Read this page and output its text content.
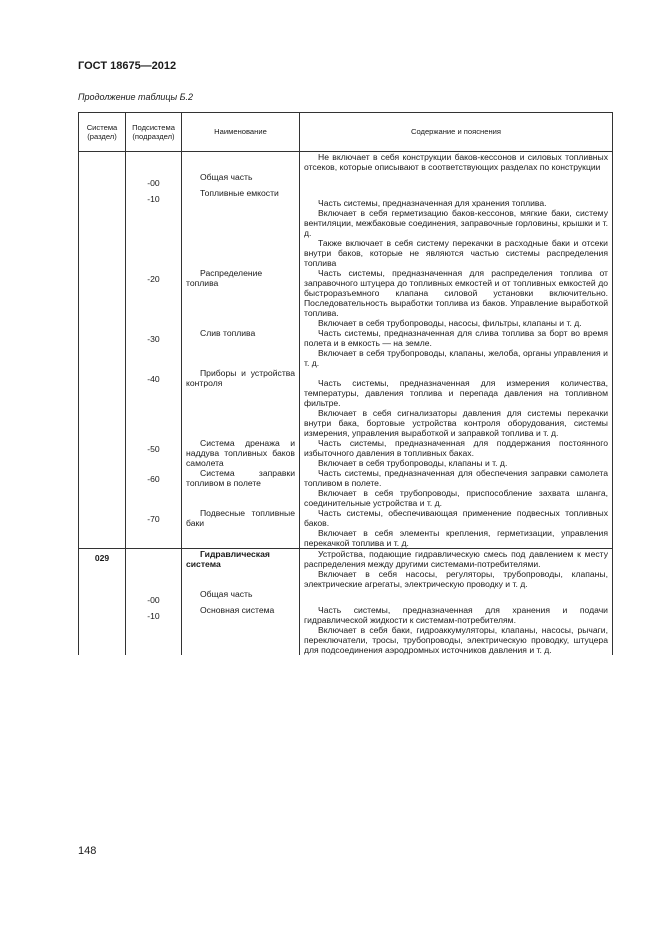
ГОСТ 18675—2012
Продолжение таблицы Б.2
Система (раздел)	Подсистема (подраздел)	Наименование	Содержание и пояснения

			Не включает в себя конструкции баков-кессонов и силовых топливных отсеков, которые описывают в соответствующих разделах по конструкции

	-00	Общая часть	

	-10	Топливные емкости	Часть системы, предназначенная для хранения топлива.
Включает в себя герметизацию баков-кессонов, мягкие баки, систему вентиляции, межбаковые соединения, заправочные горловины, крышки и т. д.
Также включает в себя систему перекачки в расходные баки и отсеки внутри баков, которые не являются частью системы распределения топлива

	-20	Распределение топлива	Часть системы, предназначенная для распределения топлива от заправочного штуцера до топливных емкостей и от топливных емкостей до быстроразъемного клапана силовой установки включительно. Последовательность выработки топлива из баков. Управление выработкой топлива.
Включает в себя трубопроводы, насосы, фильтры, клапаны и т. д.

	-30	Слив топлива	Часть системы, предназначенная для слива топлива за борт во время полета и в емкость — на земле.
Включает в себя трубопроводы, клапаны, желоба, органы управления и т. д.

	-40	Приборы и устройства контроля	Часть системы, предназначенная для измерения количества, температуры, давления топлива и перепада давления на топливном фильтре.
Включает в себя сигнализаторы давления для системы перекачки внутри бака, бортовые устройства контроля оборудования, системы измерения, управления выработкой и заправкой топлива и т. д.

	-50	Система дренажа и наддува топливных баков самолета	Часть системы, предназначенная для поддержания постоянного избыточного давления в топливных баках.
Включает в себя трубопроводы, клапаны и т. д.

	-60	Система заправки топливом в полете	Часть системы, предназначенная для обеспечения заправки самолета топливом в полете.
Включает в себя трубопроводы, приспособление захвата шланга, соединительные устройства и т. д.

	-70	Подвесные топливные баки	Часть системы, обеспечивающая применение подвесных топливных баков.
Включает в себя элементы крепления, герметизации, управления перекачкой топлива и т. д.

029		Гидравлическая система	Устройства, подающие гидравлическую смесь под давлением к месту распределения между другими системами-потребителями.
Включает в себя насосы, регуляторы, трубопроводы, клапаны, электрические агрегаты, электрическую проводку и т. д.

	-00	Общая часть	

	-10	Основная система	Часть системы, предназначенная для хранения и подачи гидравлической жидкости к системам-потребителям.
Включает в себя баки, гидроаккумуляторы, клапаны, насосы, рычаги, переключатели, тросы, трубопроводы, электрическую проводку, штуцера для подсоединения аэродромных источников давления и т. д.
148
